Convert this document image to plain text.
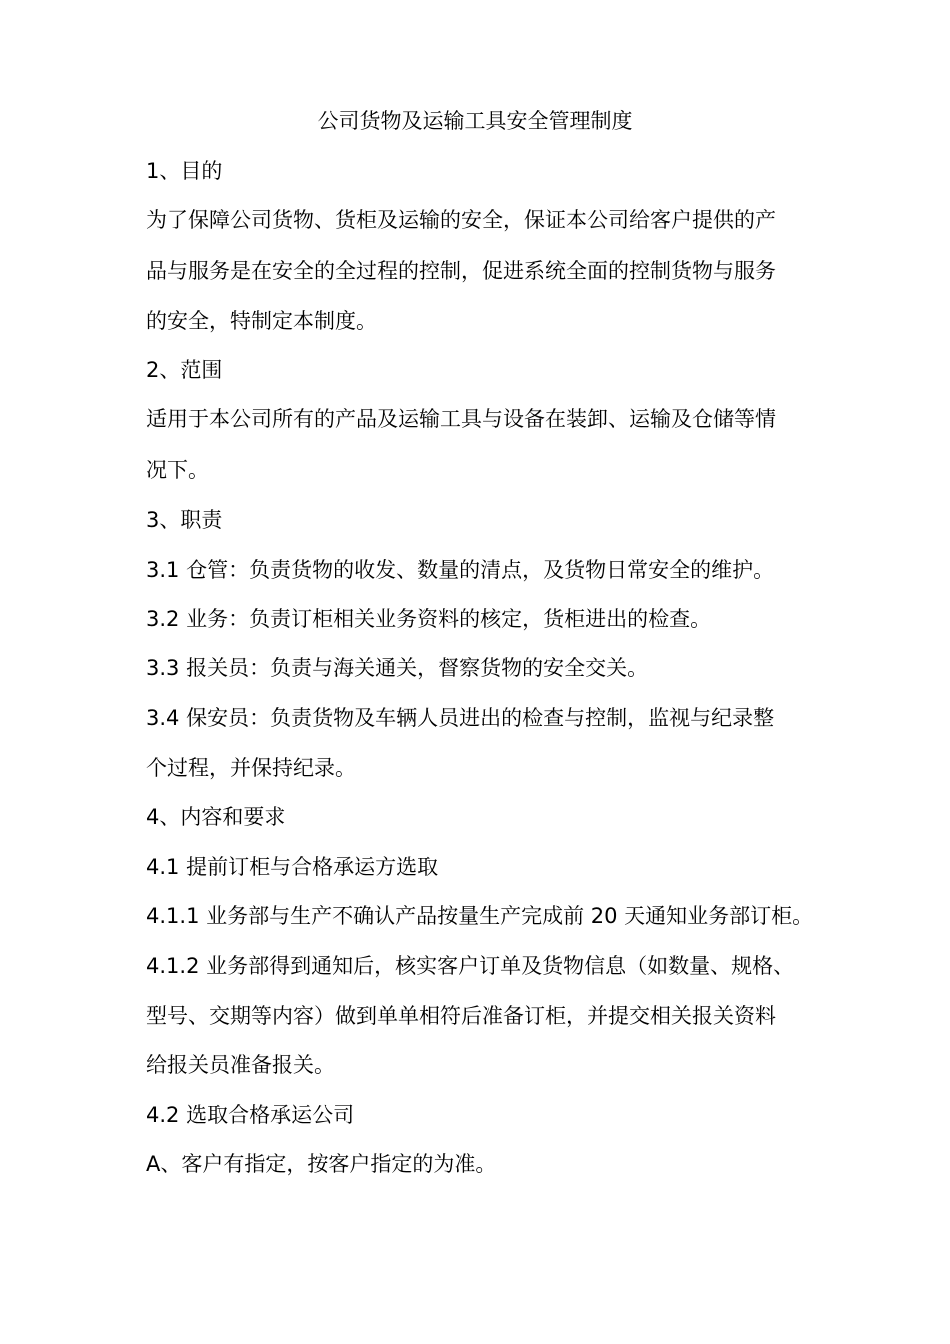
公司货物及运输工具安全管理制度
1、目的
为了保障公司货物、货柜及运输的安全，保证本公司给客户提供的产
品与服务是在安全的全过程的控制，促进系统全面的控制货物与服务
的安全，特制定本制度。
2、范围
适用于本公司所有的产品及运输工具与设备在装卸、运输及仓储等情
况下。
3、职责
3.1 仓管：负责货物的收发、数量的清点，及货物日常安全的维护。
3.2 业务：负责订柜相关业务资料的核定，货柜进出的检查。
3.3 报关员：负责与海关通关，督察货物的安全交关。
3.4 保安员：负责货物及车辆人员进出的检查与控制，监视与纪录整
个过程，并保持纪录。
4、内容和要求
4.1 提前订柜与合格承运方选取
4.1.1 业务部与生产不确认产品按量生产完成前 20 天通知业务部订柜。
4.1.2 业务部得到通知后，核实客户订单及货物信息（如数量、规格、
型号、交期等内容）做到单单相符后准备订柜，并提交相关报关资料
给报关员准备报关。
4.2 选取合格承运公司
A、客户有指定，按客户指定的为准。
